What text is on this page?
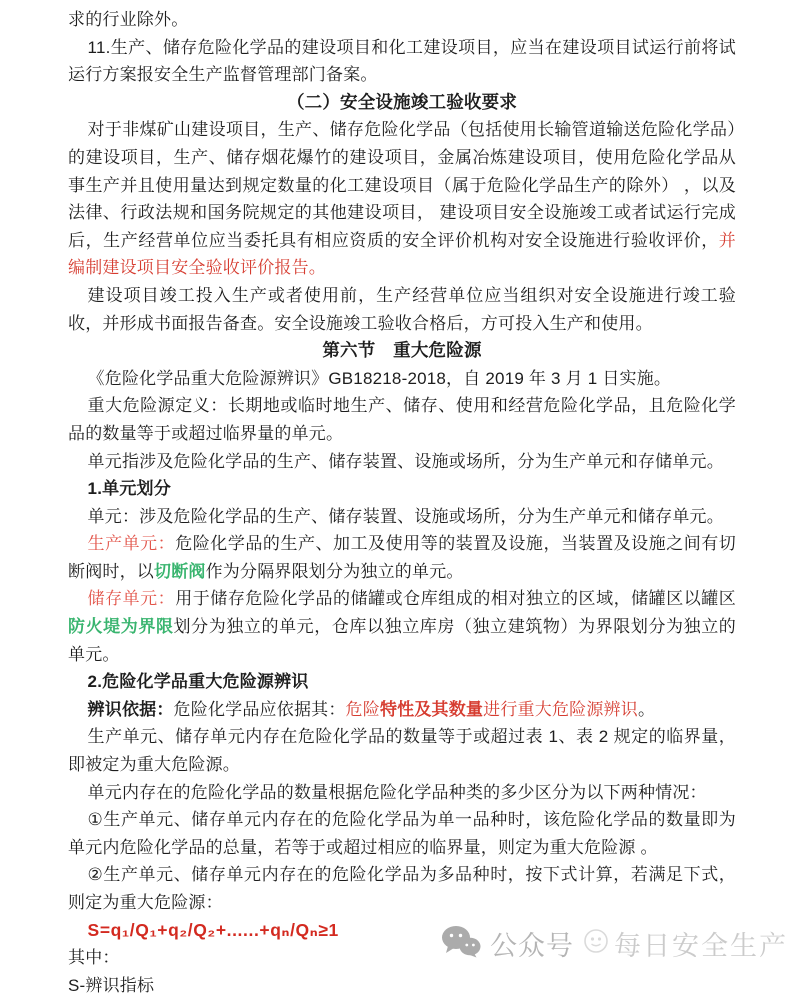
求的行业除外。
11.生产、储存危险化学品的建设项目和化工建设项目，应当在建设项目试运行前将试运行方案报安全生产监督管理部门备案。
（二）安全设施竣工验收要求
对于非煤矿山建设项目，生产、储存危险化学品（包括使用长输管道输送危险化学品）的建设项目，生产、储存烟花爆竹的建设项目，金属冶炼建设项目，使用危险化学品从事生产并且使用量达到规定数量的化工建设项目（属于危险化学品生产的除外） ，以及法律、行政法规和国务院规定的其他建设项目， 建设项目安全设施竣工或者试运行完成后，生产经营单位应当委托具有相应资质的安全评价机构对安全设施进行验收评价，并编制建设项目安全验收评价报告。
建设项目竣工投入生产或者使用前，生产经营单位应当组织对安全设施进行竣工验收，并形成书面报告备查。安全设施竣工验收合格后，方可投入生产和使用。
第六节　重大危险源
《危险化学品重大危险源辨识》GB18218-2018，自 2019 年 3 月 1 日实施。
重大危险源定义：长期地或临时地生产、储存、使用和经营危险化学品，且危险化学品的数量等于或超过临界量的单元。
单元指涉及危险化学品的生产、储存装置、设施或场所，分为生产单元和存储单元。
1.单元划分
单元：涉及危险化学品的生产、储存装置、设施或场所，分为生产单元和储存单元。
生产单元：危险化学品的生产、加工及使用等的装置及设施，当装置及设施之间有切断阀时，以切断阀作为分隔界限划分为独立的单元。
储存单元：用于储存危险化学品的储罐或仓库组成的相对独立的区域，储罐区以罐区防火堤为界限划分为独立的单元，仓库以独立库房（独立建筑物）为界限划分为独立的单元。
2.危险化学品重大危险源辨识
辨识依据：危险化学品应依据其：危险特性及其数量进行重大危险源辨识。
生产单元、储存单元内存在危险化学品的数量等于或超过表 1、表 2 规定的临界量，即被定为重大危险源。
单元内存在的危险化学品的数量根据危险化学品种类的多少区分为以下两种情况：
①生产单元、储存单元内存在的危险化学品为单一品种时，该危险化学品的数量即为单元内危险化学品的总量，若等于或超过相应的临界量，则定为重大危险源 。
②生产单元、储存单元内存在的危险化学品为多品种时，按下式计算，若满足下式，则定为重大危险源：
S=q₁/Q₁+q₂/Q₂+......+qₙ/Qₙ≥1
其中：
S-辨识指标
公众号 每日安全生产
